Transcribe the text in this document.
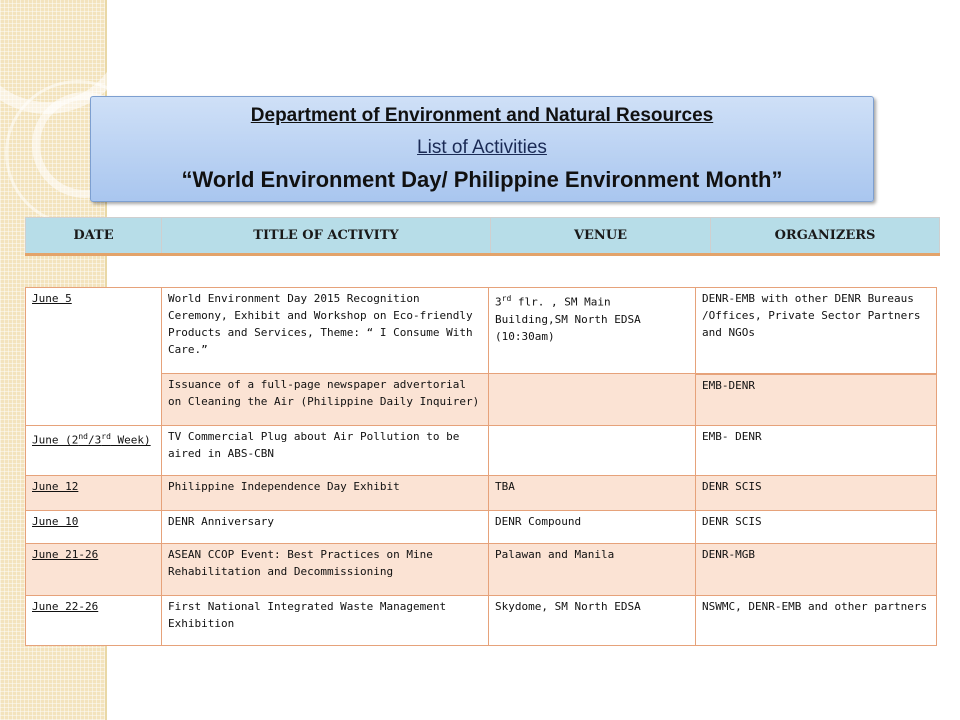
Department of Environment and Natural Resources
List of Activities
“World Environment Day/ Philippine Environment Month”
DATE	TITLE OF ACTIVITY	VENUE	ORGANIZERS
June 5	World Environment Day 2015 Recognition Ceremony, Exhibit and Workshop on Eco-friendly Products and Services, Theme: “ I Consume With Care.”	3rd flr. , SM Main Building,SM North EDSA (10:30am)	DENR-EMB with other DENR Bureaus /Offices, Private Sector Partners and NGOs
	Issuance of a full-page newspaper advertorial on Cleaning the Air (Philippine Daily Inquirer)		EMB-DENR
June (2nd/3rd Week)	TV Commercial Plug about Air Pollution to be aired in ABS-CBN		EMB- DENR
June 12	Philippine Independence Day Exhibit	TBA	DENR SCIS
June 10	DENR Anniversary	DENR Compound	DENR SCIS
June 21-26	ASEAN CCOP Event: Best Practices on Mine Rehabilitation and Decommissioning	Palawan and Manila	DENR-MGB
June 22-26	First National Integrated Waste Management Exhibition	Skydome, SM North EDSA	NSWMC, DENR-EMB and other partners
